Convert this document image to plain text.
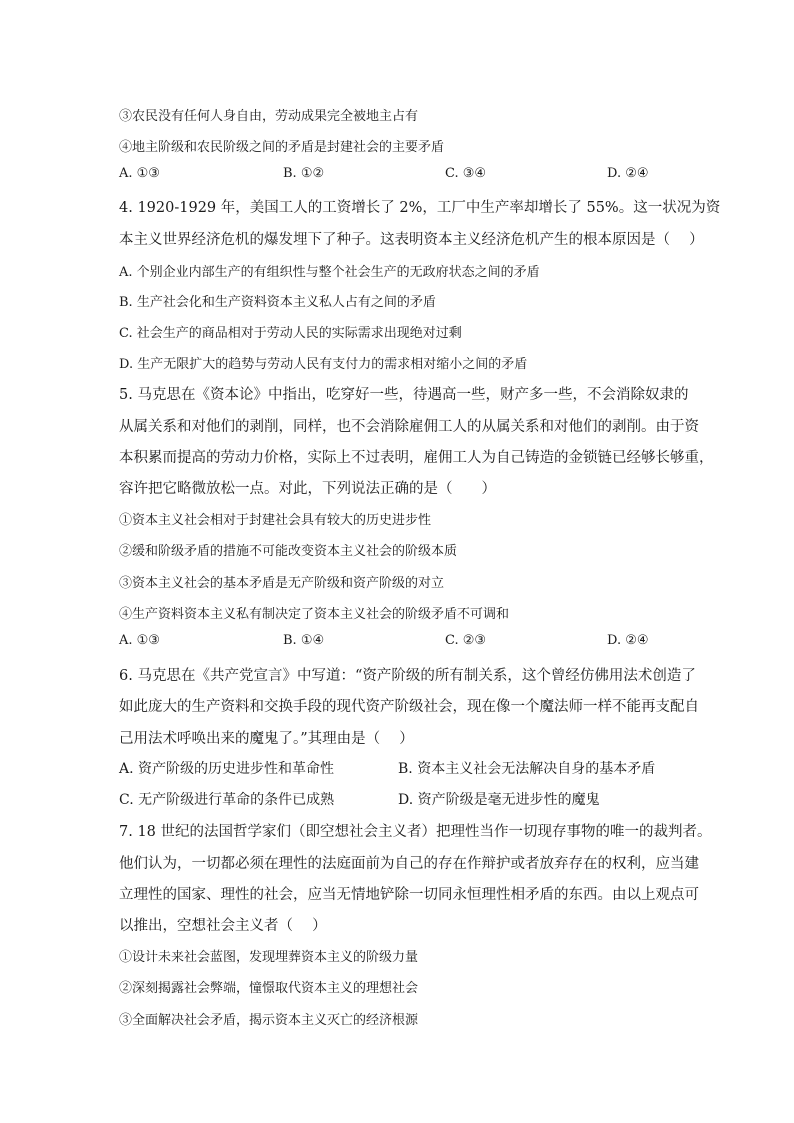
③农民没有任何人身自由，劳动成果完全被地主占有
④地主阶级和农民阶级之间的矛盾是封建社会的主要矛盾
A. ①③	B. ①②	C. ③④	D. ②④
4. 1920-1929 年，美国工人的工资增长了 2%，工厂中生产率却增长了 55%。这一状况为资
本主义世界经济危机的爆发埋下了种子。这表明资本主义经济危机产生的根本原因是（　 ）
A. 个别企业内部生产的有组织性与整个社会生产的无政府状态之间的矛盾
B. 生产社会化和生产资料资本主义私人占有之间的矛盾
C. 社会生产的商品相对于劳动人民的实际需求出现绝对过剩
D. 生产无限扩大的趋势与劳动人民有支付力的需求相对缩小之间的矛盾
5. 马克思在《资本论》中指出，吃穿好一些，待遇高一些，财产多一些，不会消除奴隶的
从属关系和对他们的剥削，同样，也不会消除雇佣工人的从属关系和对他们的剥削。由于资
本积累而提高的劳动力价格，实际上不过表明，雇佣工人为自己铸造的金锁链已经够长够重，
容许把它略微放松一点。对此，下列说法正确的是（　　）
①资本主义社会相对于封建社会具有较大的历史进步性
②缓和阶级矛盾的措施不可能改变资本主义社会的阶级本质
③资本主义社会的基本矛盾是无产阶级和资产阶级的对立
④生产资料资本主义私有制决定了资本主义社会的阶级矛盾不可调和
A. ①③	B. ①④	C. ②③	D. ②④
6. 马克思在《共产党宣言》中写道：“资产阶级的所有制关系，这个曾经仿佛用法术创造了
如此庞大的生产资料和交换手段的现代资产阶级社会，现在像一个魔法师一样不能再支配自
己用法术呼唤出来的魔鬼了。”其理由是（　 ）
A. 资产阶级的历史进步性和革命性	B. 资本主义社会无法解决自身的基本矛盾
C. 无产阶级进行革命的条件已成熟	D. 资产阶级是毫无进步性的魔鬼
7. 18 世纪的法国哲学家们（即空想社会主义者）把理性当作一切现存事物的唯一的裁判者。
他们认为，一切都必须在理性的法庭面前为自己的存在作辩护或者放弃存在的权利，应当建
立理性的国家、理性的社会，应当无情地铲除一切同永恒理性相矛盾的东西。由以上观点可
以推出，空想社会主义者（　 ）
①设计未来社会蓝图，发现埋葬资本主义的阶级力量
②深刻揭露社会弊端，憧憬取代资本主义的理想社会
③全面解决社会矛盾，揭示资本主义灭亡的经济根源
